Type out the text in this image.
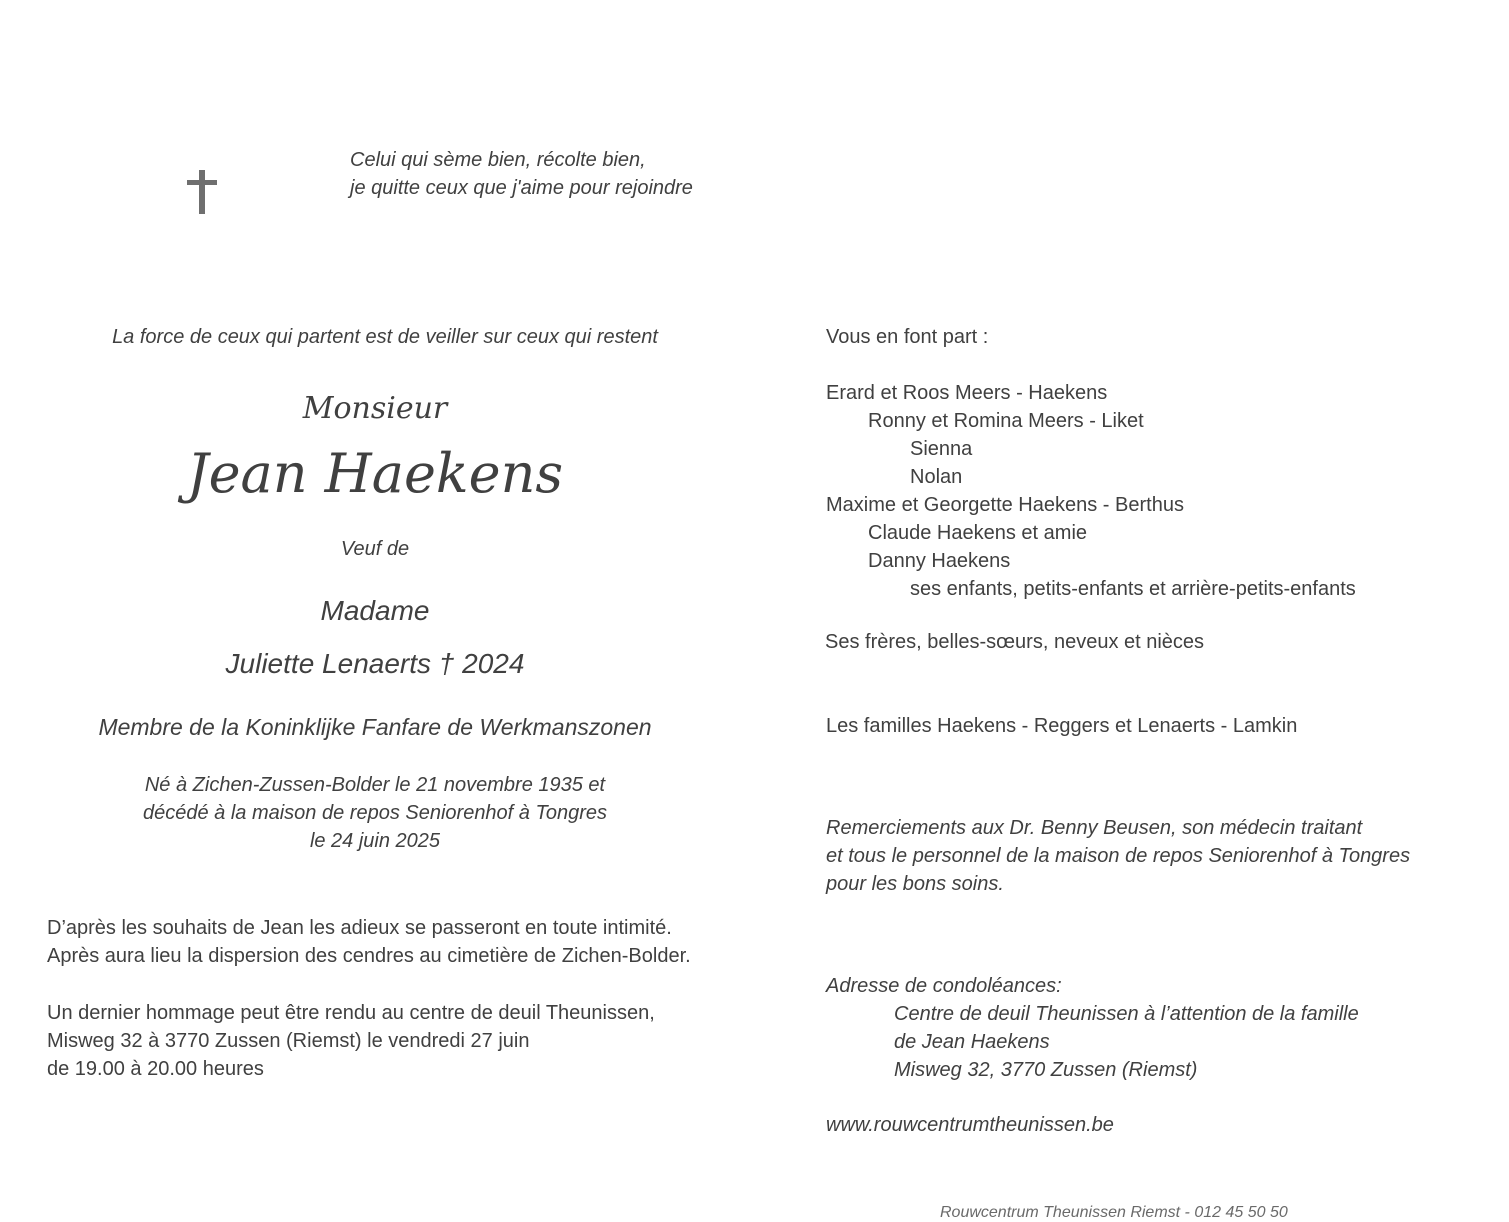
Celui qui sème bien, récolte bien,
je quitte ceux que j'aime pour rejoindre
La force de ceux qui partent est de veiller sur ceux qui restent
Monsieur
Jean Haekens
Veuf de
Madame
Juliette Lenaerts † 2024
Membre de la Koninklijke Fanfare de Werkmanszonen
Né à Zichen-Zussen-Bolder le 21 novembre 1935 et
décédé à la maison de repos Seniorenhof à Tongres
le 24 juin 2025
D’après les souhaits de Jean les adieux se passeront en toute intimité.
Après aura lieu la dispersion des cendres au cimetière de Zichen-Bolder.
Un dernier hommage peut être rendu au centre de deuil Theunissen,
Misweg 32 à 3770 Zussen (Riemst) le vendredi 27 juin
de 19.00 à 20.00 heures
Vous en font part :
Erard et Roos Meers - Haekens
Ronny et Romina Meers - Liket
Sienna
Nolan
Maxime et Georgette Haekens - Berthus
Claude Haekens et amie
Danny Haekens
ses enfants, petits-enfants et arrière-petits-enfants
Ses frères, belles-sœurs, neveux et nièces
Les familles Haekens - Reggers et Lenaerts - Lamkin
Remerciements aux Dr. Benny Beusen, son médecin traitant
et tous le personnel de la maison de repos Seniorenhof à Tongres
pour les bons soins.
Adresse de condoléances:
Centre de deuil Theunissen à l’attention de la famille
de Jean Haekens
Misweg 32, 3770 Zussen (Riemst)
www.rouwcentrumtheunissen.be
Rouwcentrum Theunissen Riemst - 012 45 50 50
